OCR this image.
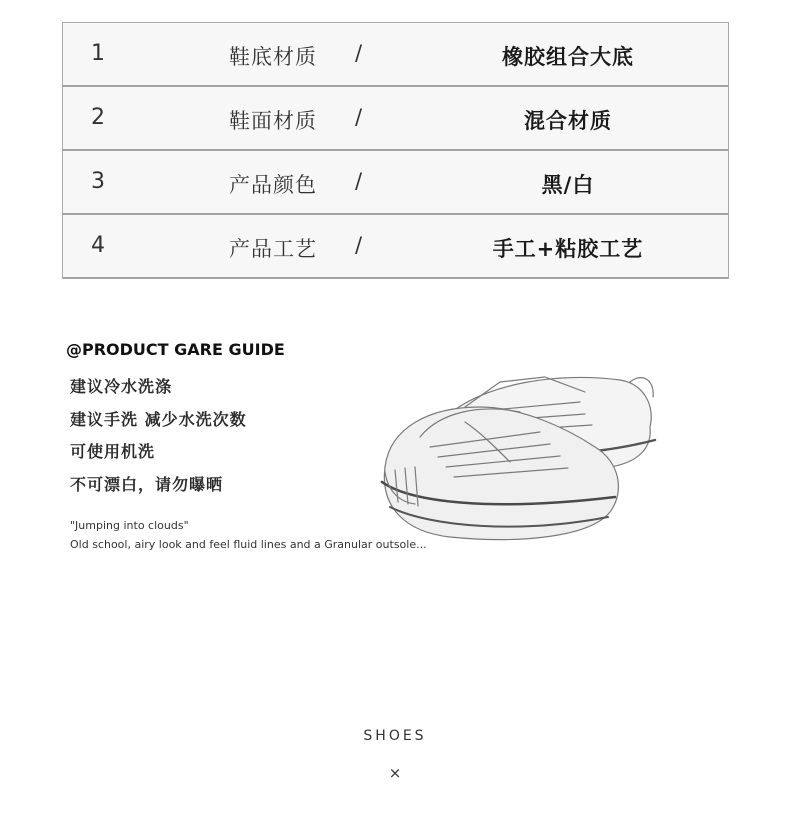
1	鞋底材质 /	橡胶组合大底
2	鞋面材质 /	混合材质
3	产品颜色 /	黑/白
4	产品工艺 /	手工+粘胶工艺
@PRODUCT GARE GUIDE
建议冷水洗涤
建议手洗 减少水洗次数
可使用机洗
不可漂白，请勿曝晒
"Jumping into clouds"
Old school, airy look and feel fluid lines and a Granular outsole...
SHOES
×
